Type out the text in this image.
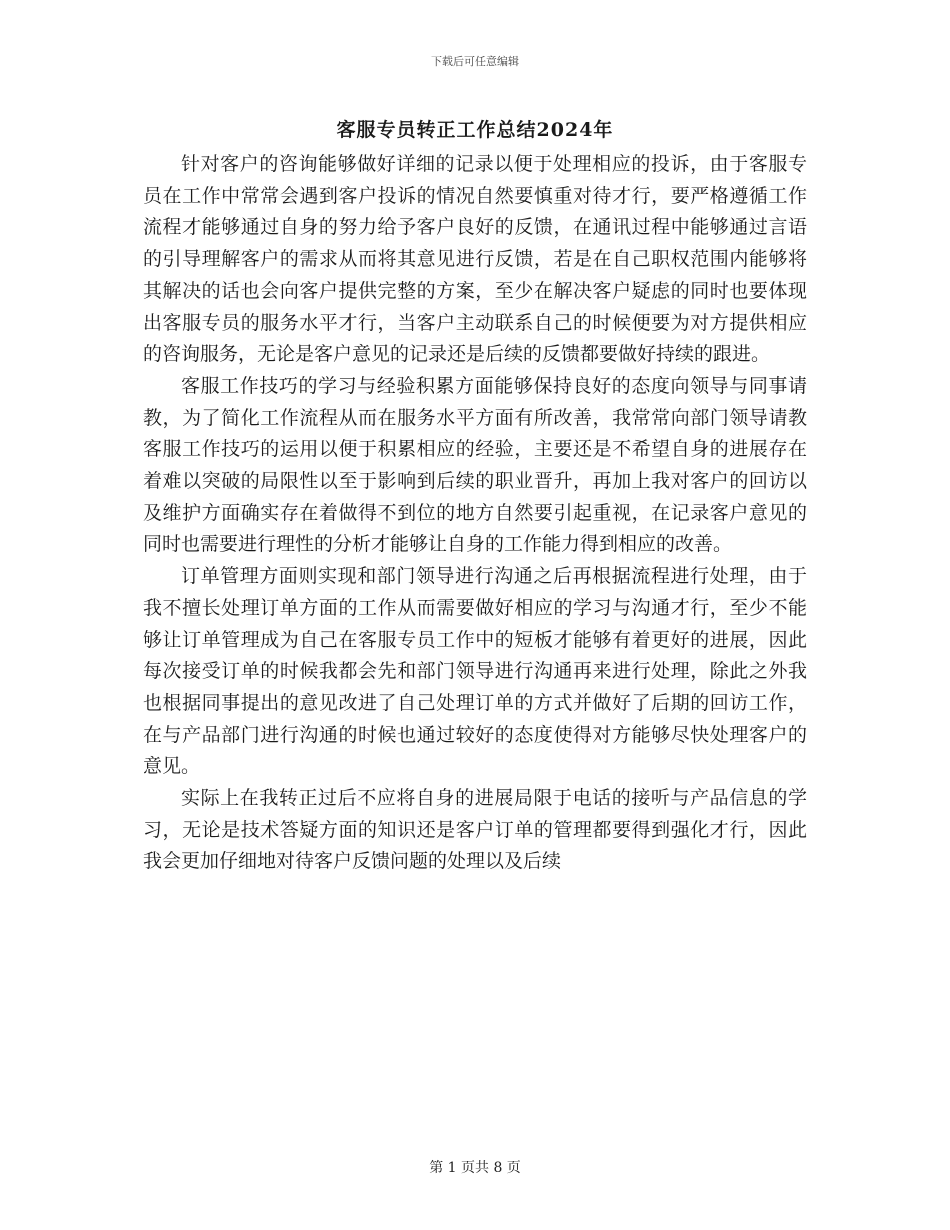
下载后可任意编辑
客服专员转正工作总结2024年

针对客户的咨询能够做好详细的记录以便于处理相应的投诉，由于客服专员在工作中常常会遇到客户投诉的情况自然要慎重对待才行，要严格遵循工作流程才能够通过自身的努力给予客户良好的反馈，在通讯过程中能够通过言语的引导理解客户的需求从而将其意见进行反馈，若是在自己职权范围内能够将其解决的话也会向客户提供完整的方案，至少在解决客户疑虑的同时也要体现出客服专员的服务水平才行，当客户主动联系自己的时候便要为对方提供相应的咨询服务，无论是客户意见的记录还是后续的反馈都要做好持续的跟进。

客服工作技巧的学习与经验积累方面能够保持良好的态度向领导与同事请教，为了简化工作流程从而在服务水平方面有所改善，我常常向部门领导请教客服工作技巧的运用以便于积累相应的经验，主要还是不希望自身的进展存在着难以突破的局限性以至于影响到后续的职业晋升，再加上我对客户的回访以及维护方面确实存在着做得不到位的地方自然要引起重视，在记录客户意见的同时也需要进行理性的分析才能够让自身的工作能力得到相应的改善。

订单管理方面则实现和部门领导进行沟通之后再根据流程进行处理，由于我不擅长处理订单方面的工作从而需要做好相应的学习与沟通才行，至少不能够让订单管理成为自己在客服专员工作中的短板才能够有着更好的进展，因此每次接受订单的时候我都会先和部门领导进行沟通再来进行处理，除此之外我也根据同事提出的意见改进了自己处理订单的方式并做好了后期的回访工作，在与产品部门进行沟通的时候也通过较好的态度使得对方能够尽快处理客户的意见。

实际上在我转正过后不应将自身的进展局限于电话的接听与产品信息的学习，无论是技术答疑方面的知识还是客户订单的管理都要得到强化才行，因此我会更加仔细地对待客户反馈问题的处理以及后续

第 1 页共 8 页
